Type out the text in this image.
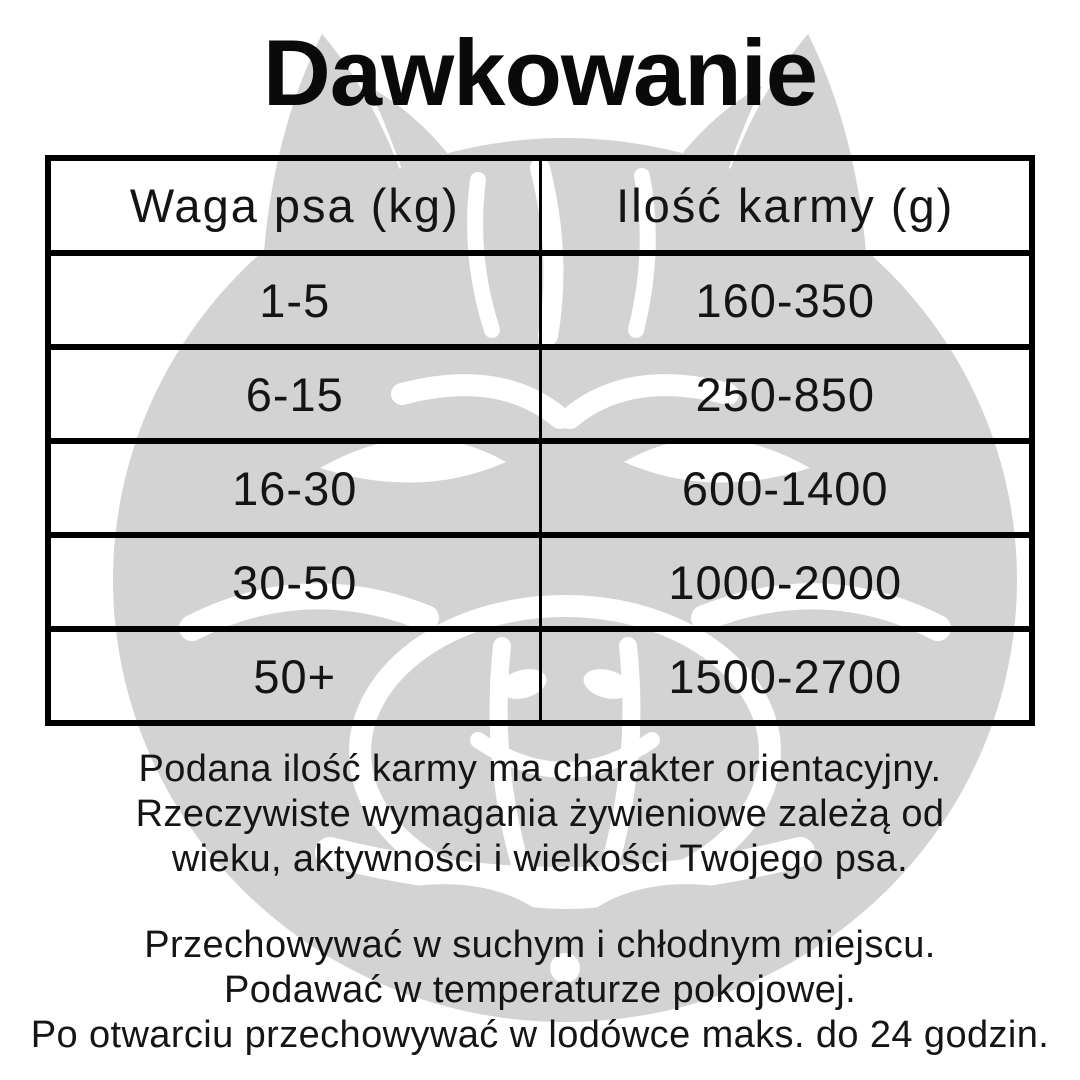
Dawkowanie
Waga psa (kg)	Ilość karmy (g)
1-5	160-350
6-15	250-850
16-30	600-1400
30-50	1000-2000
50+	1500-2700

Podana ilość karmy ma charakter orientacyjny.
Rzeczywiste wymagania żywieniowe zależą od
wieku, aktywności i wielkości Twojego psa.

Przechowywać w suchym i chłodnym miejscu.
Podawać w temperaturze pokojowej.
Po otwarciu przechowywać w lodówce maks. do 24 godzin.
